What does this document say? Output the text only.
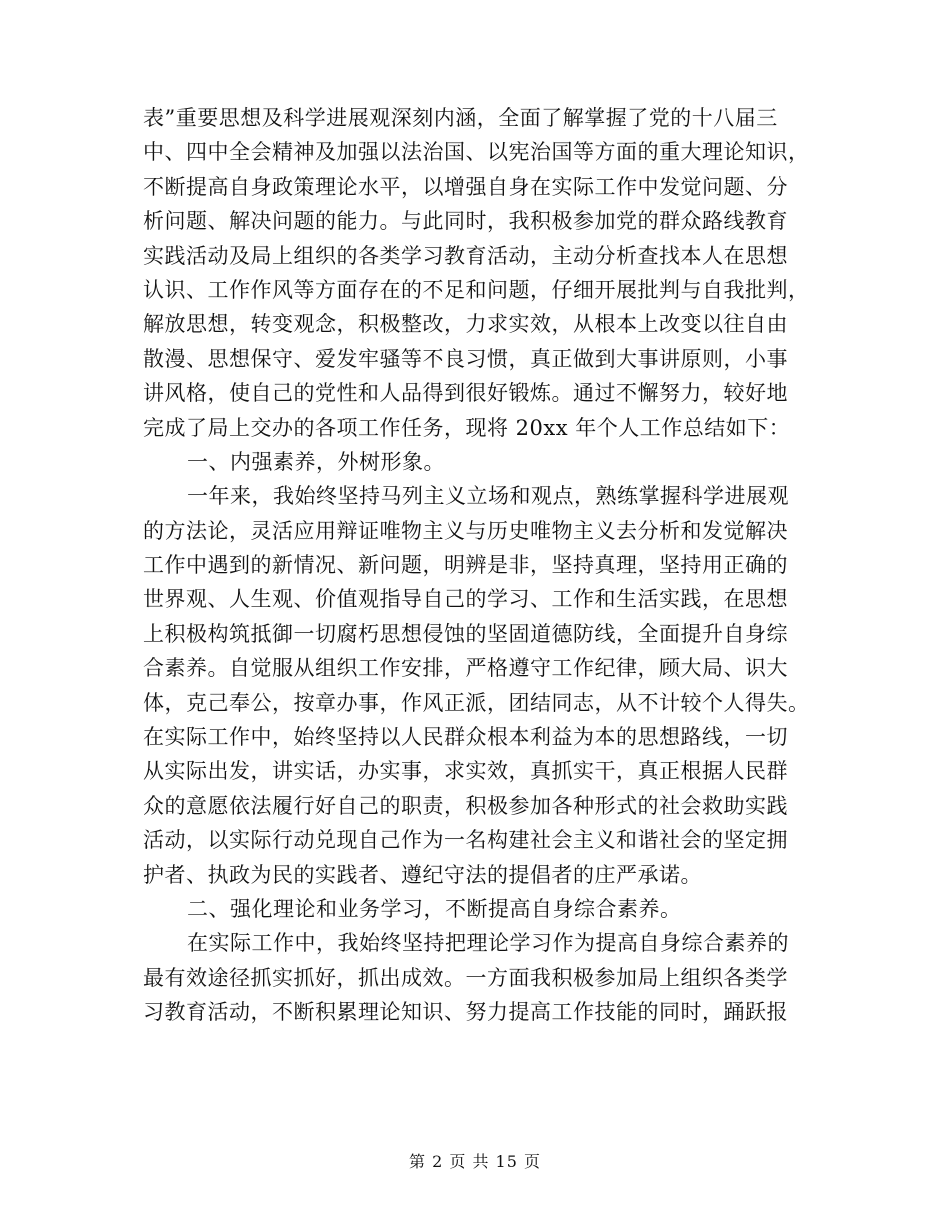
表”重要思想及科学进展观深刻内涵，全面了解掌握了党的十八届三
中、四中全会精神及加强以法治国、以宪治国等方面的重大理论知识，
不断提高自身政策理论水平，以增强自身在实际工作中发觉问题、分
析问题、解决问题的能力。与此同时，我积极参加党的群众路线教育
实践活动及局上组织的各类学习教育活动，主动分析查找本人在思想
认识、工作作风等方面存在的不足和问题，仔细开展批判与自我批判，
解放思想，转变观念，积极整改，力求实效，从根本上改变以往自由
散漫、思想保守、爱发牢骚等不良习惯，真正做到大事讲原则，小事
讲风格，使自己的党性和人品得到很好锻炼。通过不懈努力，较好地
完成了局上交办的各项工作任务，现将 20xx 年个人工作总结如下：
一、内强素养，外树形象。
一年来，我始终坚持马列主义立场和观点，熟练掌握科学进展观
的方法论，灵活应用辩证唯物主义与历史唯物主义去分析和发觉解决
工作中遇到的新情况、新问题，明辨是非，坚持真理，坚持用正确的
世界观、人生观、价值观指导自己的学习、工作和生活实践，在思想
上积极构筑抵御一切腐朽思想侵蚀的坚固道德防线，全面提升自身综
合素养。自觉服从组织工作安排，严格遵守工作纪律，顾大局、识大
体，克己奉公，按章办事，作风正派，团结同志，从不计较个人得失。
在实际工作中，始终坚持以人民群众根本利益为本的思想路线，一切
从实际出发，讲实话，办实事，求实效，真抓实干，真正根据人民群
众的意愿依法履行好自己的职责，积极参加各种形式的社会救助实践
活动，以实际行动兑现自己作为一名构建社会主义和谐社会的坚定拥
护者、执政为民的实践者、遵纪守法的提倡者的庄严承诺。
二、强化理论和业务学习，不断提高自身综合素养。
在实际工作中，我始终坚持把理论学习作为提高自身综合素养的
最有效途径抓实抓好，抓出成效。一方面我积极参加局上组织各类学
习教育活动，不断积累理论知识、努力提高工作技能的同时，踊跃报
第 2 页 共 15 页
